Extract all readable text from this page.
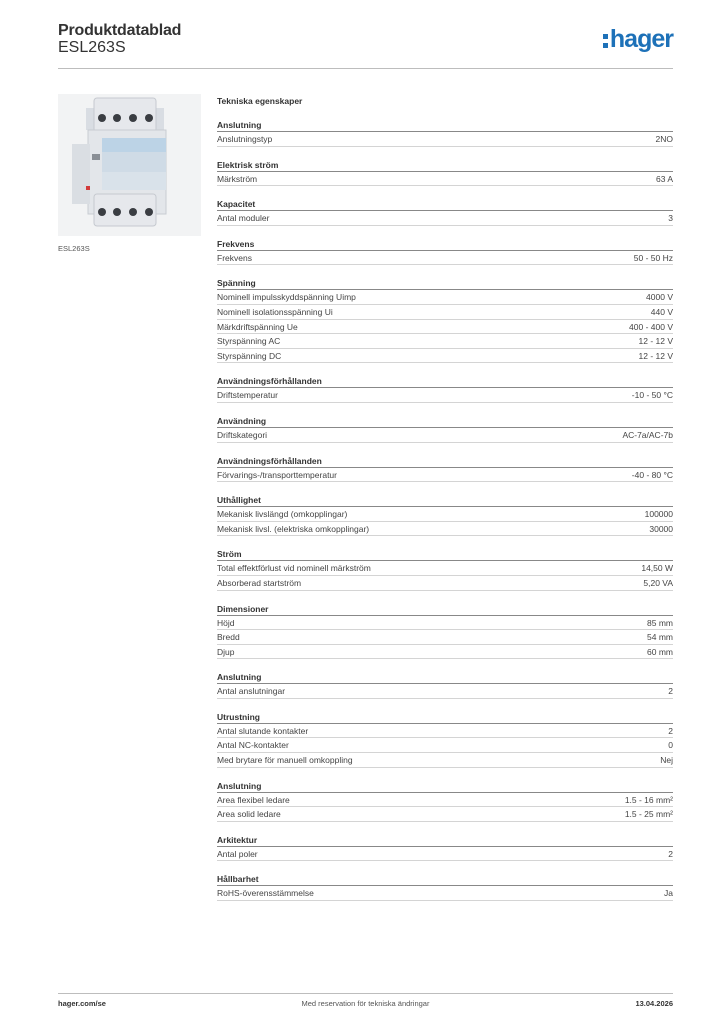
Produktdatablad
ESL263S	hager
ESL263S
Tekniska egenskaper
Anslutning
Anslutningstyp	2NO
Elektrisk ström
Märkström	63 A
Kapacitet
Antal moduler	3
Frekvens
Frekvens	50 - 50 Hz
Spänning
Nominell impulsskyddspänning Uimp	4000 V
Nominell isolationsspänning Ui	440 V
Märkdriftspänning Ue	400 - 400 V
Styrspänning AC	12 - 12 V
Styrspänning DC	12 - 12 V
Användningsförhållanden
Driftstemperatur	-10 - 50 °C
Användning
Driftskategori	AC-7a/AC-7b
Användningsförhållanden
Förvarings-/transporttemperatur	-40 - 80 °C
Uthållighet
Mekanisk livslängd (omkopplingar)	100000
Mekanisk livsl. (elektriska omkopplingar)	30000
Ström
Total effektförlust vid nominell märkström	14,50 W
Absorberad startström	5,20 VA
Dimensioner
Höjd	85 mm
Bredd	54 mm
Djup	60 mm
Anslutning
Antal anslutningar	2
Utrustning
Antal slutande kontakter	2
Antal NC-kontakter	0
Med brytare för manuell omkoppling	Nej
Anslutning
Area flexibel ledare	1.5 - 16 mm²
Area solid ledare	1.5 - 25 mm²
Arkitektur
Antal poler	2
Hållbarhet
RoHS-överensstämmelse	Ja
hager.com/se	Med reservation för tekniska ändringar	13.04.2026
